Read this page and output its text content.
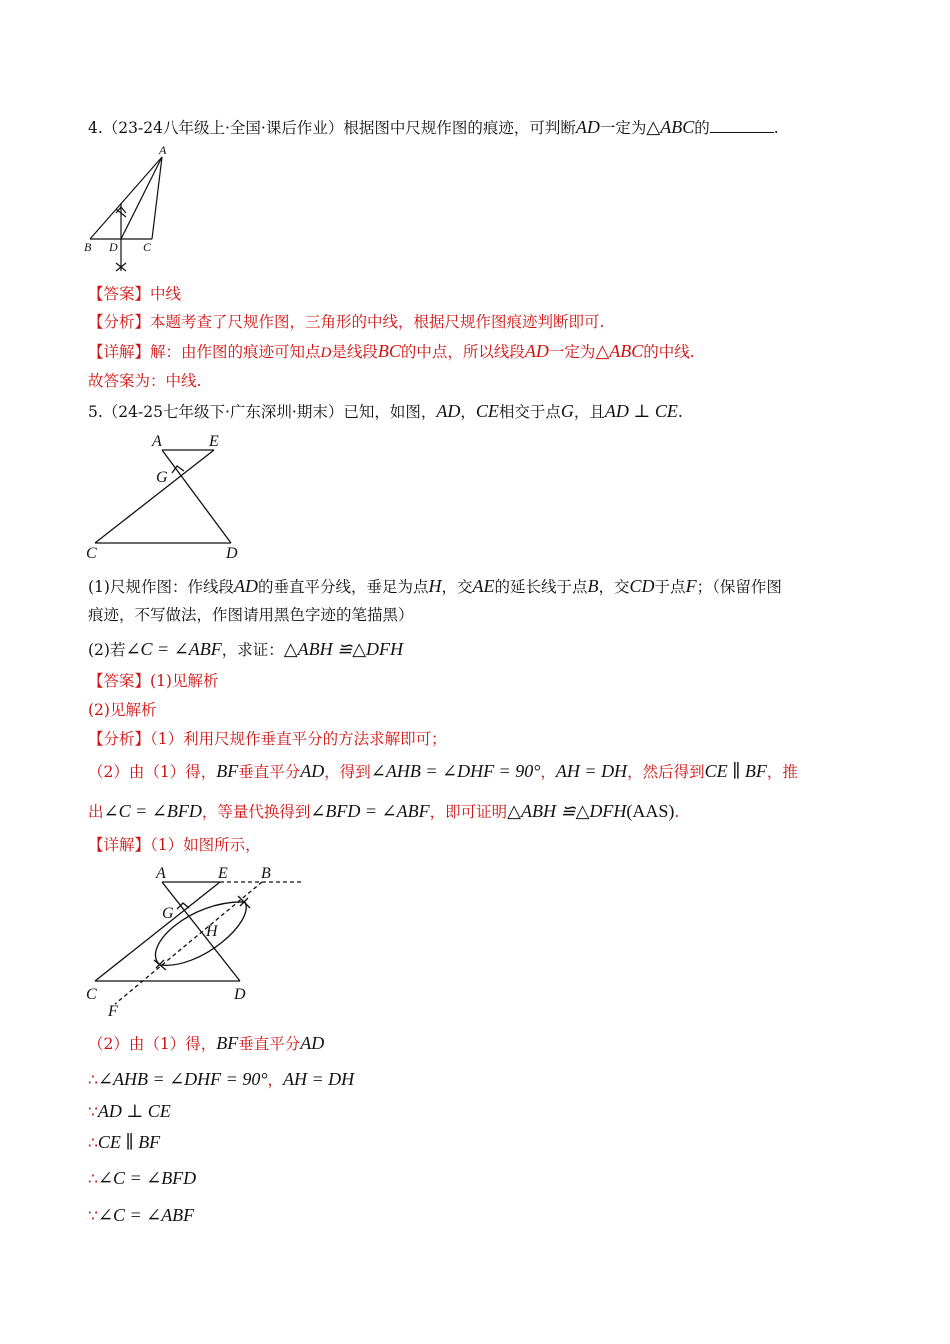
4.（23-24八年级上·全国·课后作业）根据图中尺规作图的痕迹，可判断AD一定为△ABC的	.
A
B D C
【答案】中线
【分析】本题考查了尺规作图，三角形的中线，根据尺规作图痕迹判断即可.
【详解】解：由作图的痕迹可知点D是线段BC的中点，所以线段AD一定为△ABC的中线.
故答案为：中线.
5.（24-25七年级下·广东深圳·期末）已知，如图，AD，CE相交于点G，且AD ⊥ CE.
A	E
G
C	D
(1)尺规作图：作线段AD的垂直平分线，垂足为点H，交AE的延长线于点B，交CD于点F；（保留作图
痕迹，不写做法，作图请用黑色字迹的笔描黑）
(2)若∠C = ∠ABF，求证：△ABH ≌△DFH
【答案】(1)见解析
(2)见解析
【分析】（1）利用尺规作垂直平分的方法求解即可；
（2）由（1）得，BF垂直平分AD，得到∠AHB = ∠DHF = 90°，AH = DH，然后得到CE ∥ BF，推
出∠C = ∠BFD，等量代换得到∠BFD = ∠ABF，即可证明△ABH ≌△DFH(AAS).
【详解】（1）如图所示，
A	E B
G
H
C	D
F
（2）由（1）得，BF垂直平分AD
∴∠AHB = ∠DHF = 90°，AH = DH
∵AD ⊥ CE
∴CE ∥ BF
∴∠C = ∠BFD
∵∠C = ∠ABF
